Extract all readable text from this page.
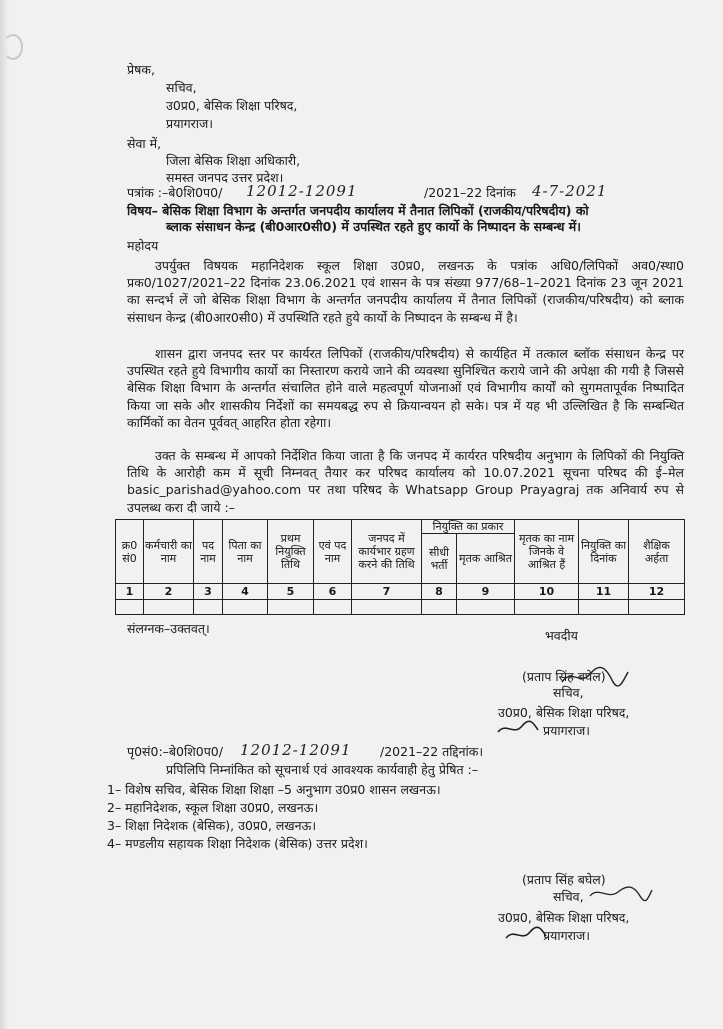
प्रेषक,
सचिव,
उ0प्र0, बेसिक शिक्षा परिषद,
प्रयागराज।
सेवा में,
जिला बेसिक शिक्षा अधिकारी,
समस्त जनपद उत्तर प्रदेश।
पत्रांक :–बे0शि0प0/ 12012-12091	/2021–22 दिनांक 4-7-2021
विषय– बेसिक शिक्षा विभाग के अन्तर्गत जनपदीय कार्यालय में तैनात लिपिकों (राजकीय/परिषदीय) को
ब्लाक संसाधन केन्द्र (बी0आर0सी0) में उपस्थित रहते हुए कार्यो के निष्पादन के सम्बन्ध में।
महोदय
उपर्युक्त विषयक महानिदेशक स्कूल शिक्षा उ0प्र0, लखनऊ के पत्रांक अधि0/लिपिकों अव0/स्था0 प्रक0/1027/2021–22 दिनांक 23.06.2021 एवं शासन के पत्र संख्या 977/68–1–2021 दिनांक 23 जून 2021 का सन्दर्भ लें जो बेसिक शिक्षा विभाग के अन्तर्गत जनपदीय कार्यालय में तैनात लिपिकों (राजकीय/परिषदीय) को ब्लाक संसाधन केन्द्र (बी0आर0सी0) में उपस्थिति रहते हुये कार्यो के निष्पादन के सम्बन्ध में है।
शासन द्वारा जनपद स्तर पर कार्यरत लिपिकों (राजकीय/परिषदीय) से कार्यहित में तत्काल ब्लॉक संसाधन केन्द्र पर उपस्थित रहते हुये विभागीय कार्यो का निस्तारण कराये जाने की व्यवस्था सुनिश्चित कराये जाने की अपेक्षा की गयी है जिससे बेसिक शिक्षा विभाग के अन्तर्गत संचालित होने वाले महत्वपूर्ण योजनाओं एवं विभागीय कार्यों को सुगमतापूर्वक निष्पादित किया जा सके और शासकीय निर्देशों का समयबद्ध रुप से क्रियान्वयन हो सके। पत्र में यह भी उल्लिखित है कि सम्बन्धित कार्मिकों का वेतन पूर्ववत् आहरित होता रहेगा।
उक्त के सम्बन्ध में आपको निर्देशित किया जाता है कि जनपद में कार्यरत परिषदीय अनुभाग के लिपिकों की नियुक्ति तिथि के आरोही कम में सूची निम्नवत् तैयार कर परिषद कार्यालय को 10.07.2021 सूचना परिषद की ई–मेल basic_parishad@yahoo.com पर तथा परिषद के Whatsapp Group Prayagraj तक अनिवार्य रुप से उपलब्ध करा दी जाये :–
क्र0 सं0	कर्मचारी का नाम	पद नाम	पिता का नाम	प्रथम नियुक्ति तिथि	एवं पद नाम	जनपद में कार्यभार ग्रहण करने की तिथि	नियुक्ति का प्रकार		मृतक का नाम जिनके वे आश्रित हैं	नियुक्ति का दिनांक	शैक्षिक अर्हता
							सीधी भर्ती	मृतक आश्रित			
1	2	3	4	5	6	7	8	9	10	11	12

संलग्नक–उक्तवत्।	भवदीय
(प्रताप सिंह बघेल)
सचिव,
उ0प्र0, बेसिक शिक्षा परिषद,
प्रयागराज।
पृ0सं0:–बे0शि0प0/ 12012-12091 /2021–22 तद्दिनांक।
प्रपिलिपि निम्नांकित को सूचनार्थ एवं आवश्यक कार्यवाही हेतु प्रेषित :–
1– विशेष सचिव, बेसिक शिक्षा शिक्षा –5 अनुभाग उ0प्र0 शासन लखनऊ।
2– महानिदेशक, स्कूल शिक्षा उ0प्र0, लखनऊ।
3– शिक्षा निदेशक (बेसिक), उ0प्र0, लखनऊ।
4– मण्डलीय सहायक शिक्षा निदेशक (बेसिक) उत्तर प्रदेश।
(प्रताप सिंह बघेल)
सचिव,
उ0प्र0, बेसिक शिक्षा परिषद,
प्रयागराज।
